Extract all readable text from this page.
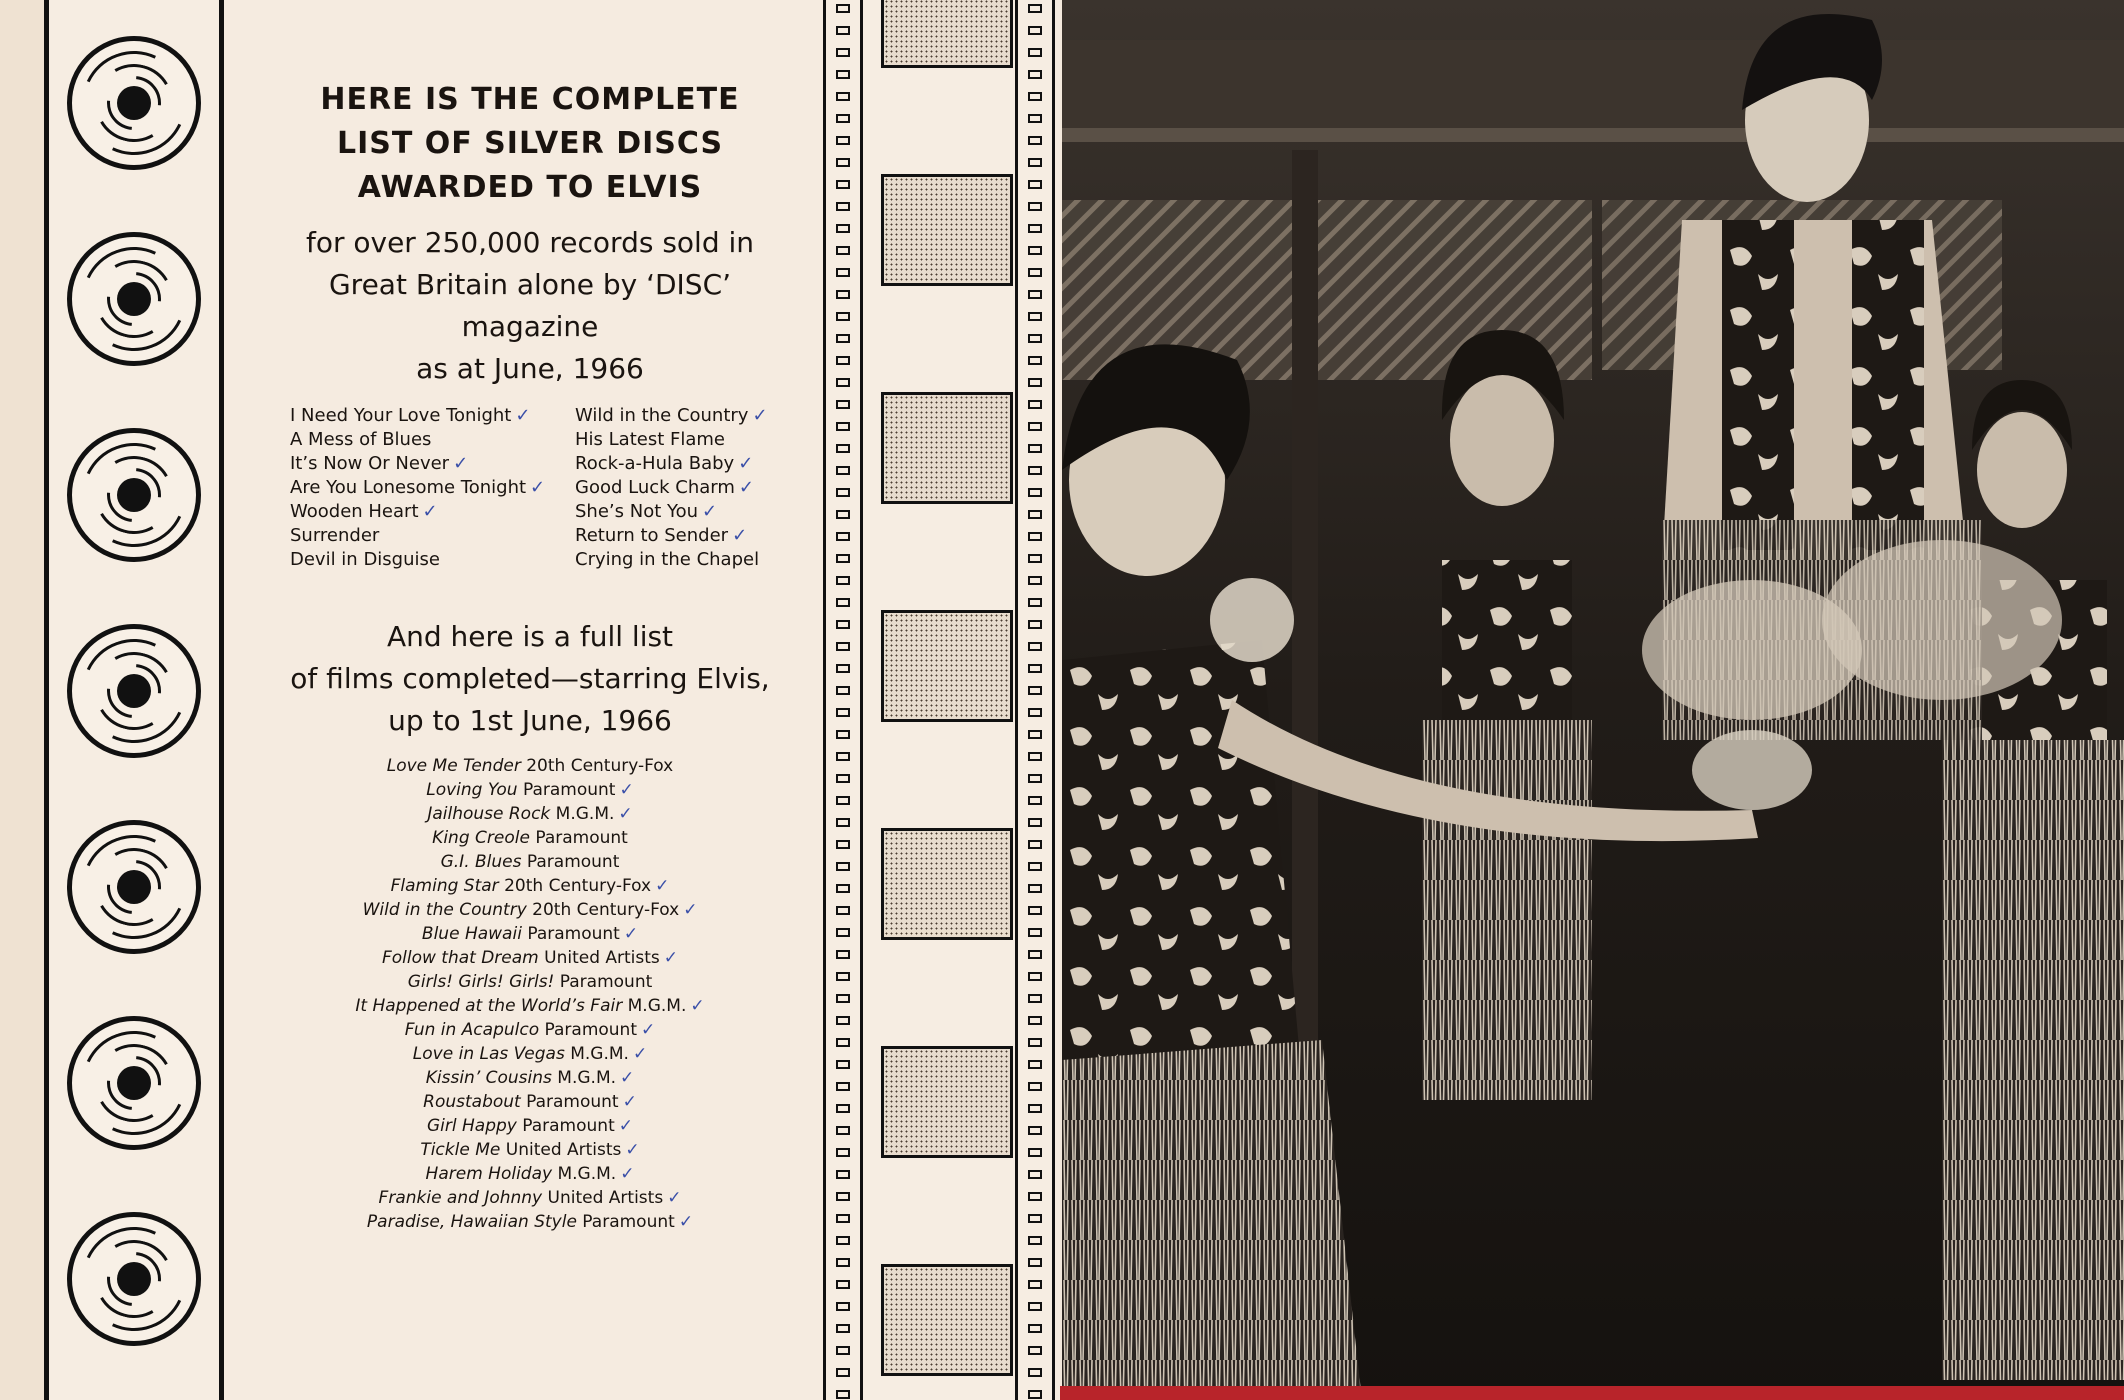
HERE IS THE COMPLETE
LIST OF SILVER DISCS
AWARDED TO ELVIS
for over 250,000 records sold in
Great Britain alone by ‘DISC’
magazine
as at June, 1966
I Need Your Love Tonight ✓
A Mess of Blues
It’s Now Or Never ✓
Are You Lonesome Tonight ✓
Wooden Heart ✓
Surrender
Devil in Disguise
Wild in the Country ✓
His Latest Flame
Rock-a-Hula Baby ✓
Good Luck Charm ✓
She’s Not You ✓
Return to Sender ✓
Crying in the Chapel
And here is a full list
of films completed—starring Elvis,
up to 1st June, 1966
Love Me Tender 20th Century-Fox
Loving You Paramount ✓
Jailhouse Rock M.G.M. ✓
King Creole Paramount
G.I. Blues Paramount
Flaming Star 20th Century-Fox ✓
Wild in the Country 20th Century-Fox ✓
Blue Hawaii Paramount ✓
Follow that Dream United Artists ✓
Girls! Girls! Girls! Paramount
It Happened at the World’s Fair M.G.M. ✓
Fun in Acapulco Paramount ✓
Love in Las Vegas M.G.M. ✓
Kissin’ Cousins M.G.M. ✓
Roustabout Paramount ✓
Girl Happy Paramount ✓
Tickle Me United Artists ✓
Harem Holiday M.G.M. ✓
Frankie and Johnny United Artists ✓
Paradise, Hawaiian Style Paramount ✓
